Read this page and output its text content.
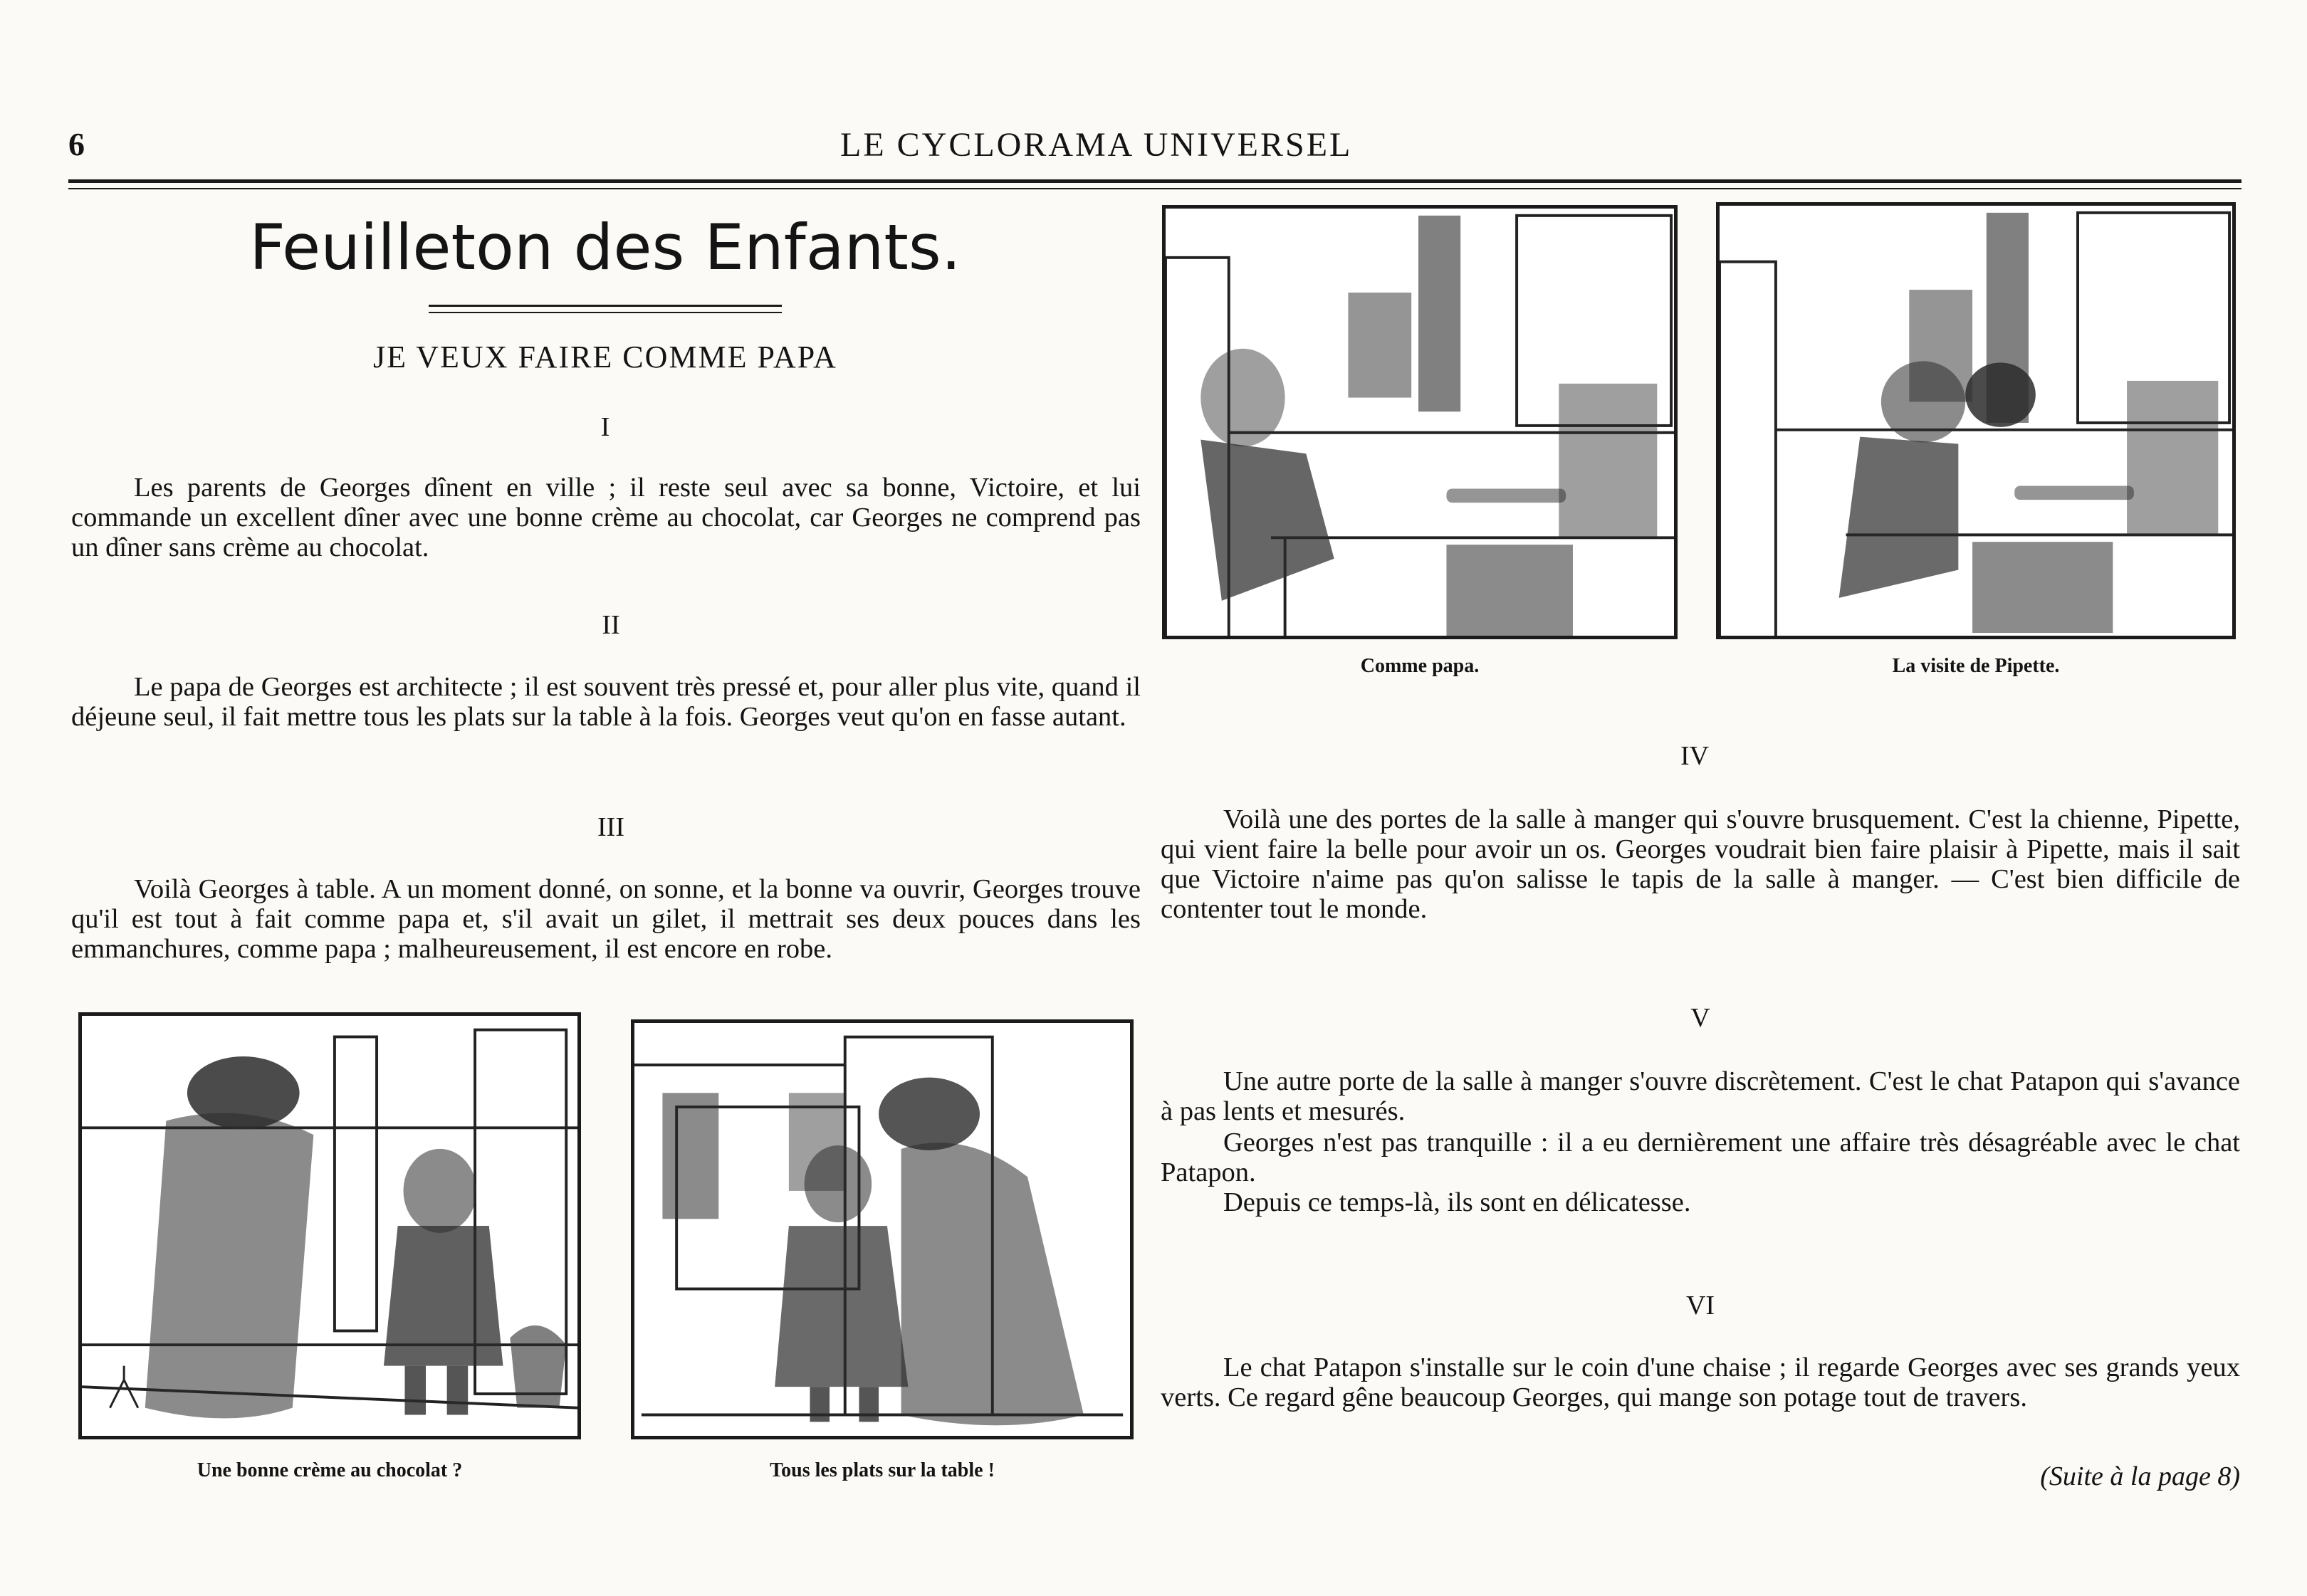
6	LE CYCLORAMA UNIVERSEL
Feuilleton des Enfants.
JE VEUX FAIRE COMME PAPA
I

Les parents de Georges dînent en ville ; il reste seul avec sa bonne, Victoire, et lui commande un excellent dîner avec une bonne crème au chocolat, car Georges ne comprend pas un dîner sans crème au chocolat.

II

Le papa de Georges est architecte ; il est souvent très pressé et, pour aller plus vite, quand il déjeune seul, il fait mettre tous les plats sur la table à la fois. Georges veut qu'on en fasse autant.

III

Voilà Georges à table. A un moment donné, on sonne, et la bonne va ouvrir, Georges trouve qu'il est tout à fait comme papa et, s'il avait un gilet, il mettrait ses deux pouces dans les emmanchures, comme papa ; malheureusement, il est encore en robe.

Une bonne crème au chocolat ?	Tous les plats sur la table !
Comme papa.	La visite de Pipette.
IV

Voilà une des portes de la salle à manger qui s'ouvre brusquement. C'est la chienne, Pipette, qui vient faire la belle pour avoir un os. Georges voudrait bien faire plaisir à Pipette, mais il sait que Victoire n'aime pas qu'on salisse le tapis de la salle à manger. — C'est bien difficile de contenter tout le monde.

V

Une autre porte de la salle à manger s'ouvre discrètement. C'est le chat Patapon qui s'avance à pas lents et mesurés.

Georges n'est pas tranquille : il a eu dernièrement une affaire très désagréable avec le chat Patapon.

Depuis ce temps-là, ils sont en délicatesse.

VI

Le chat Patapon s'installe sur le coin d'une chaise ; il regarde Georges avec ses grands yeux verts. Ce regard gêne beaucoup Georges, qui mange son potage tout de travers.

(Suite à la page 8)
